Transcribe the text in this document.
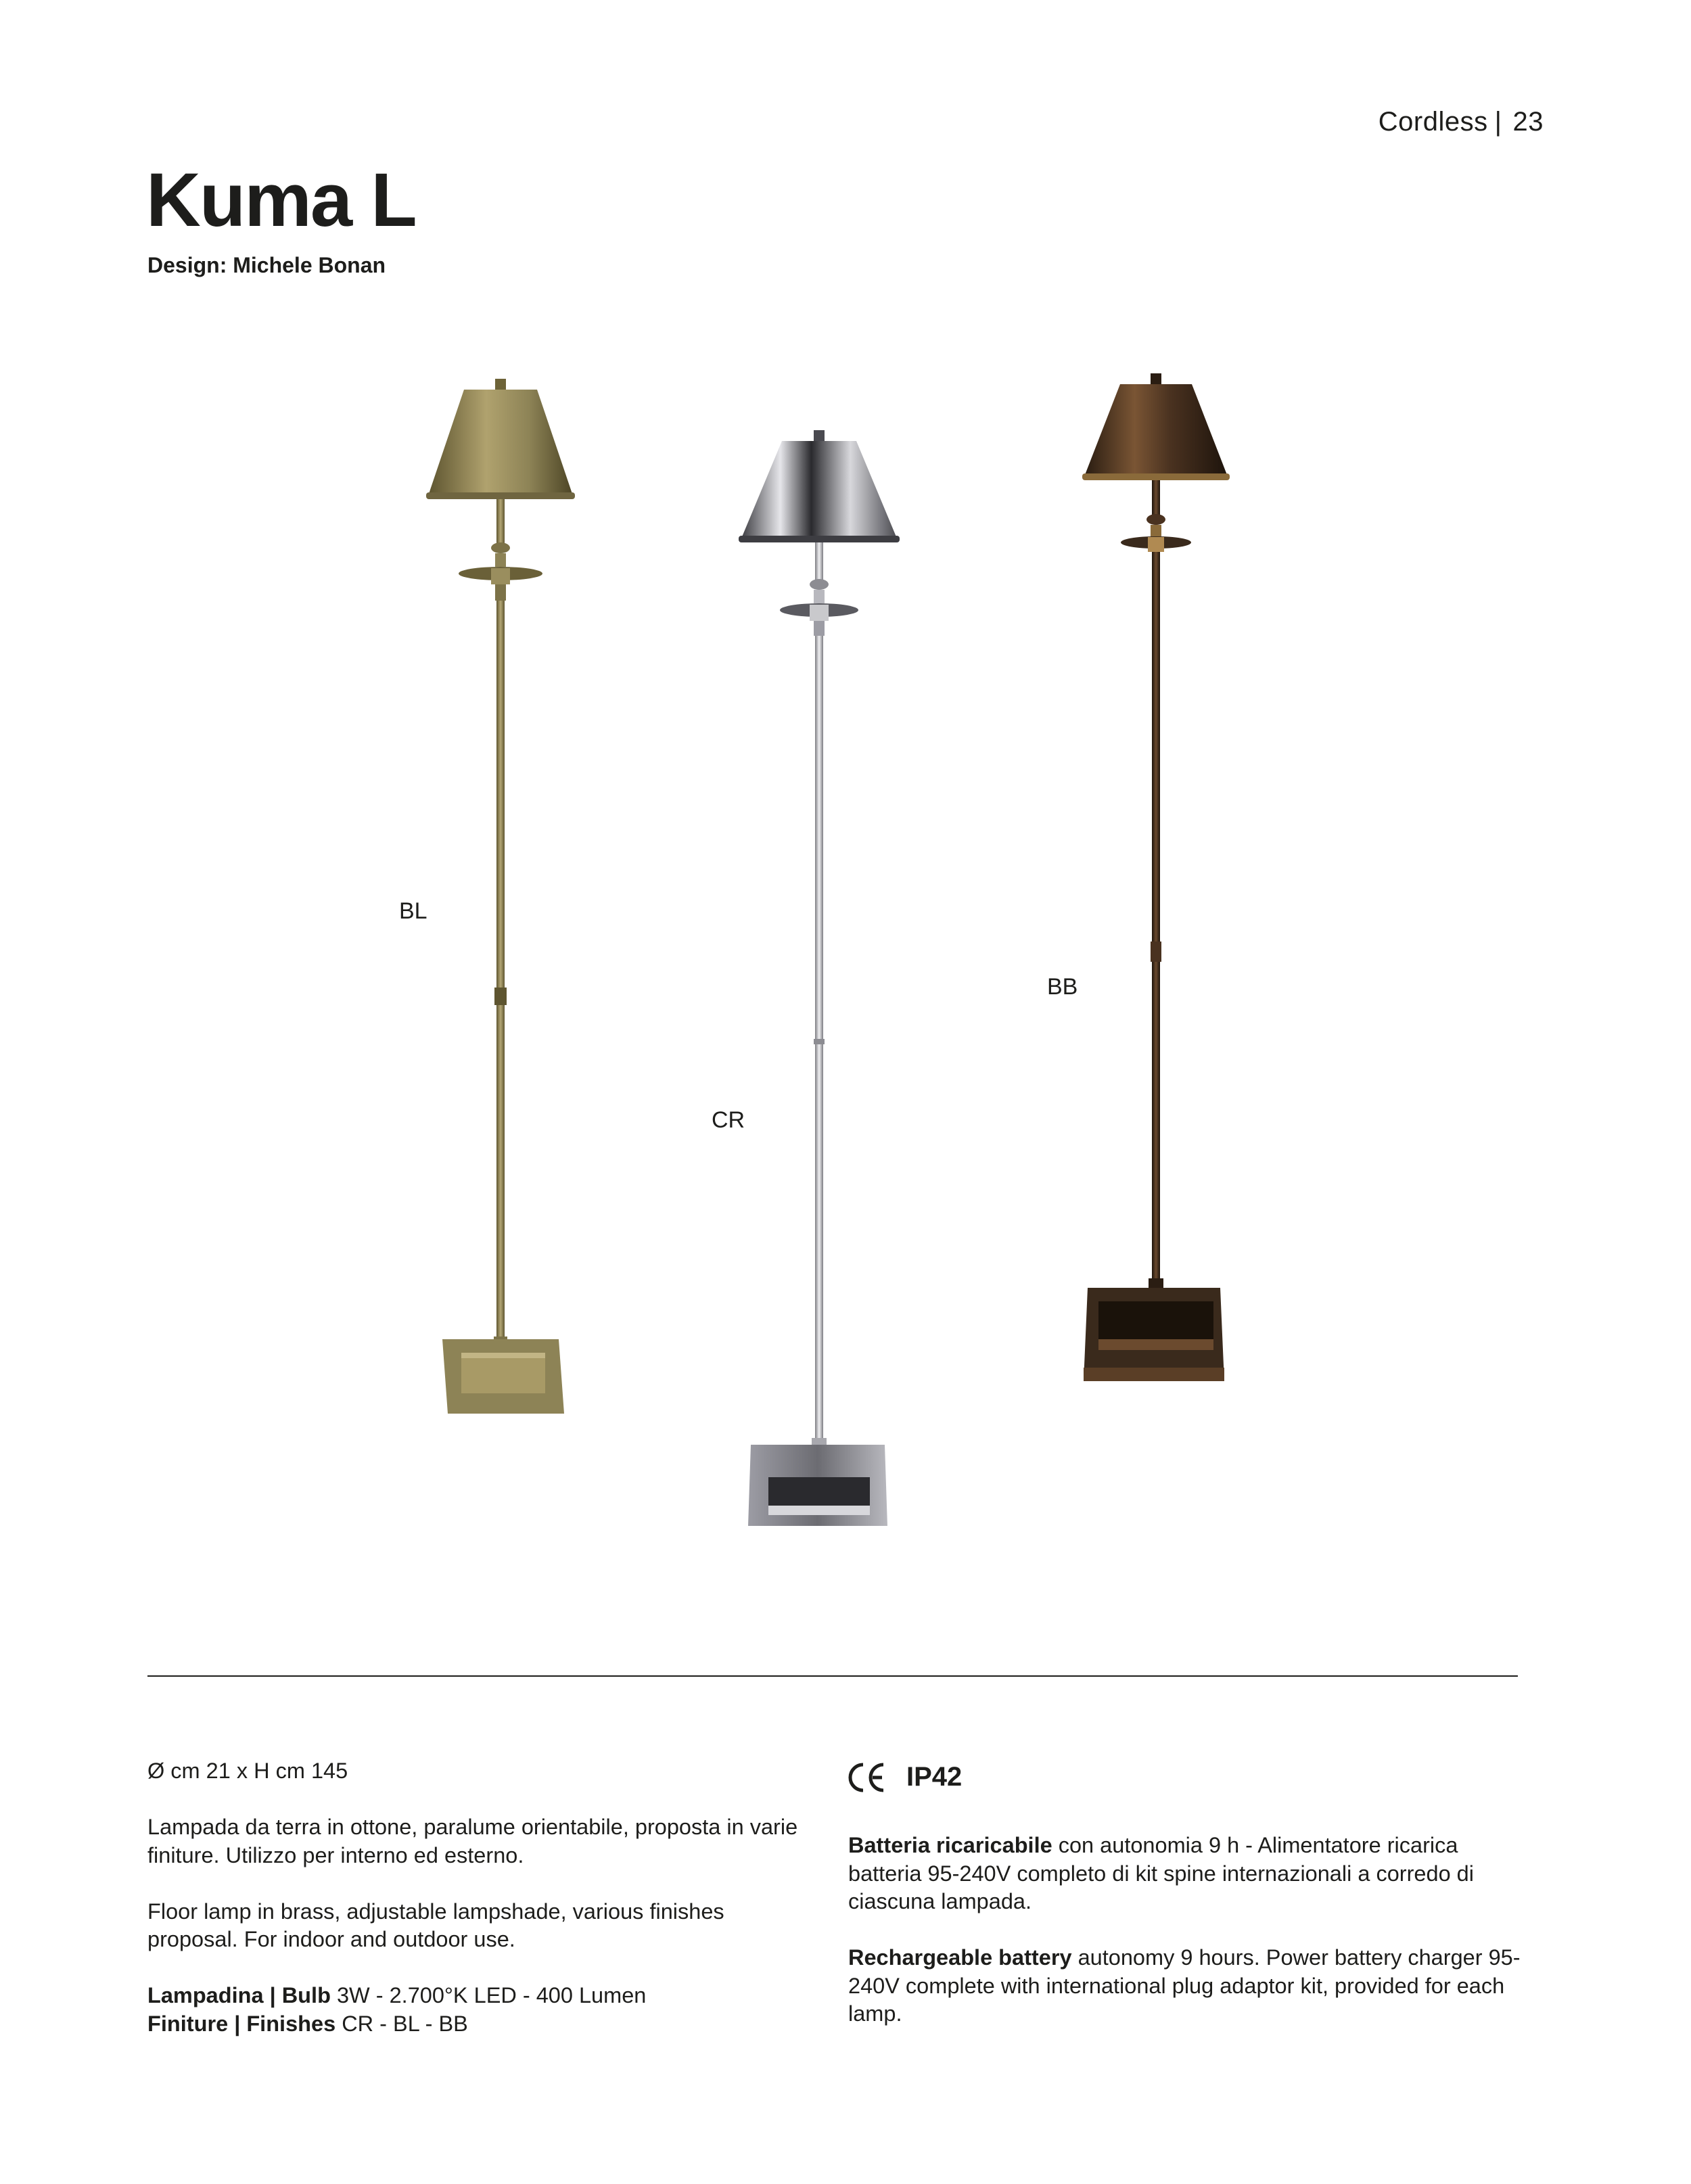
Cordless | 23
Kuma L
Design: Michele Bonan
BL
CR
BB

Ø cm 21 x H cm 145

Lampada da terra in ottone, paralume orientabile, proposta in varie finiture. Utilizzo per interno ed esterno.

Floor lamp in brass, adjustable lampshade, various finishes proposal. For indoor and outdoor use.

Lampadina | Bulb 3W - 2.700°K LED - 400 Lumen

Finiture | Finishes CR - BL - BB

IP42

Batteria ricaricabile con autonomia 9 h - Alimentatore ricarica batteria 95-240V completo di kit spine internazionali a corredo di ciascuna lampada.

Rechargeable battery autonomy 9 hours. Power battery charger 95-240V complete with international plug adaptor kit, provided for each lamp.
